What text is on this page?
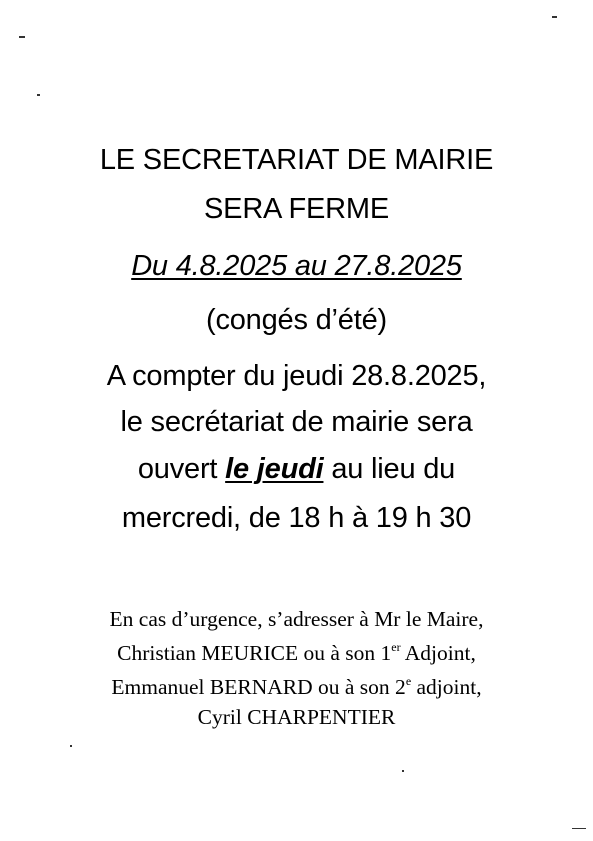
LE SECRETARIAT DE MAIRIE
SERA FERME
Du 4.8.2025 au 27.8.2025
(congés d’été)
A compter du jeudi 28.8.2025,
le secrétariat de mairie sera
ouvert le jeudi au lieu du
mercredi, de 18 h à 19 h 30
En cas d’urgence, s’adresser à Mr le Maire,
Christian MEURICE ou à son 1er Adjoint,
Emmanuel BERNARD ou à son 2e adjoint,
Cyril CHARPENTIER
